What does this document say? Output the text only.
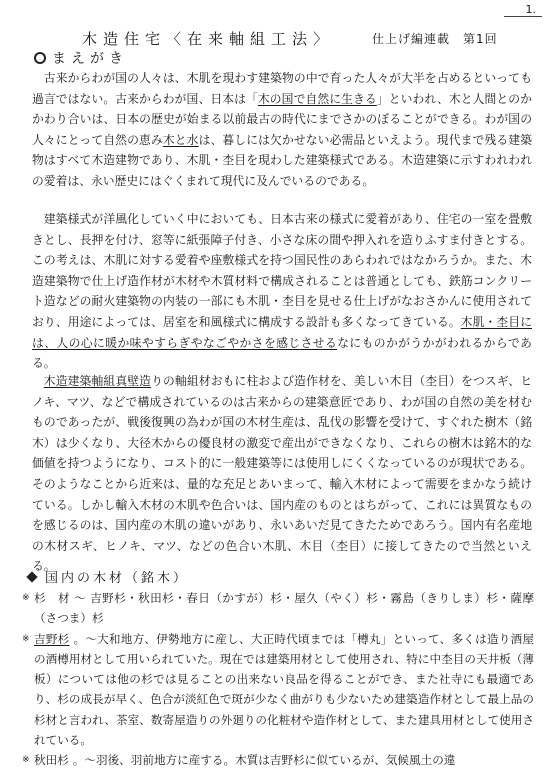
1.
木造住宅〈在来軸組工法〉	仕上げ編連載　第1回
まえがき

古来からわが国の人々は、木肌を現わす建築物の中で育った人々が大半を占めるといっても過言ではない。古来からわが国、日本は「木の国で自然に生きる」といわれ、木と人間とのかかわり合いは、日本の歴史が始まる以前最古の時代にまでさかのぼることができる。わが国の人々にとって自然の恵み木と水は、暮しには欠かせない必需品といえよう。現代まで残る建築物はすべて木造建物であり、木肌・杢目を現わした建築様式である。木造建築に示すわれわれの愛着は、永い歴史にはぐくまれて現代に及んでいるのである。

建築様式が洋風化していく中においても、日本古来の様式に愛着があり、住宅の一室を畳敷きとし、長押を付け、窓等に紙張障子付き、小さな床の間や押入れを造りふすま付きとする。この考えは、木肌に対する愛着や座敷様式を持つ国民性のあらわれではなかろうか。また、木造建築物で仕上げ造作材が木材や木質材料で構成されることは普通としても、鉄筋コンクリート造などの耐火建築物の内装の一部にも木肌・杢目を見せる仕上げがなおさかんに使用されており、用途によっては、居室を和風様式に構成する設計も多くなってきている。木肌・杢目には、人の心に暖か味やすらぎやなごやかさを感じさせるなにものかがうかがわれるからである。

木造建築軸組真壁造りの軸組材おもに柱および造作材を、美しい木目（杢目）をつスギ、ヒノキ、マツ、などで構成されているのは古来からの建築意匠であり、わが国の自然の美を材むものであったが、戦後復興の為わが国の木材生産は、乱伐の影響を受けて、すぐれた樹木（銘木）は少くなり、大径木からの優良材の激変で産出ができなくなり、これらの樹木は銘木的な価値を持つようになり、コスト的に一般建築等には使用しにくくなっているのが現状である。そのようなことから近来は、量的な充足とあいまって、輸入木材によって需要をまかなう続けている。しかし輸入木材の木肌や色合いは、国内産のものとはちがって、これには異質なものを感じるのは、国内産の木肌の違いがあり、永いあいだ見てきたためであろう。国内有名産地の木材スギ、ヒノキ、マツ、などの色合い木肌、木目（杢目）に接してきたので当然といえる。

国内の木材（銘木）
※ 杉　材 ～ 吉野杉・秋田杉・春日（かすが）杉・屋久（やく）杉・霧島（きりしま）杉・薩摩（さつま）杉
※ 吉野杉 。～大和地方、伊勢地方に産し、大正時代頃までは「樽丸」といって、多くは造り酒屋の酒樽用材として用いられていた。現在では建築用材として使用され、特に中杢目の天井板（薄板）については他の杉では見ることの出来ない良品を得ることができ、また社寺にも最適であり、杉の成長が早く、色合が淡紅色で斑が少なく曲がりも少ないため建築造作材として最上品の杉材と言われ、茶室、数寄屋造りの外廻りの化粧材や造作材として、また建具用材として使用されている。
※ 秋田杉 。～羽後、羽前地方に産する。木質は吉野杉に似ているが、気候風土の違
